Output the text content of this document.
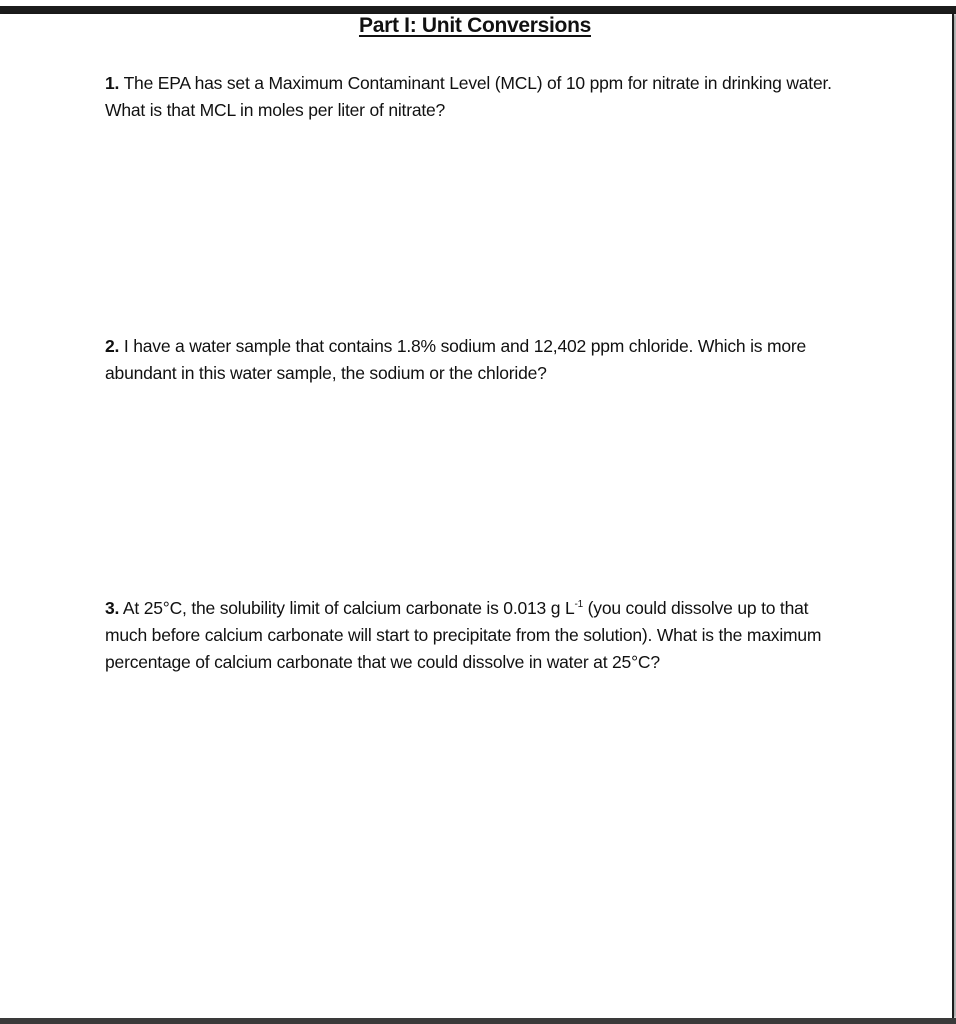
Part I: Unit Conversions
1. The EPA has set a Maximum Contaminant Level (MCL) of 10 ppm for nitrate in drinking water. What is that MCL in moles per liter of nitrate?
2. I have a water sample that contains 1.8% sodium and 12,402 ppm chloride. Which is more abundant in this water sample, the sodium or the chloride?
3. At 25°C, the solubility limit of calcium carbonate is 0.013 g $L^{-1}$ (you could dissolve up to that much before calcium carbonate will start to precipitate from the solution). What is the maximum percentage of calcium carbonate that we could dissolve in water at 25°C?
